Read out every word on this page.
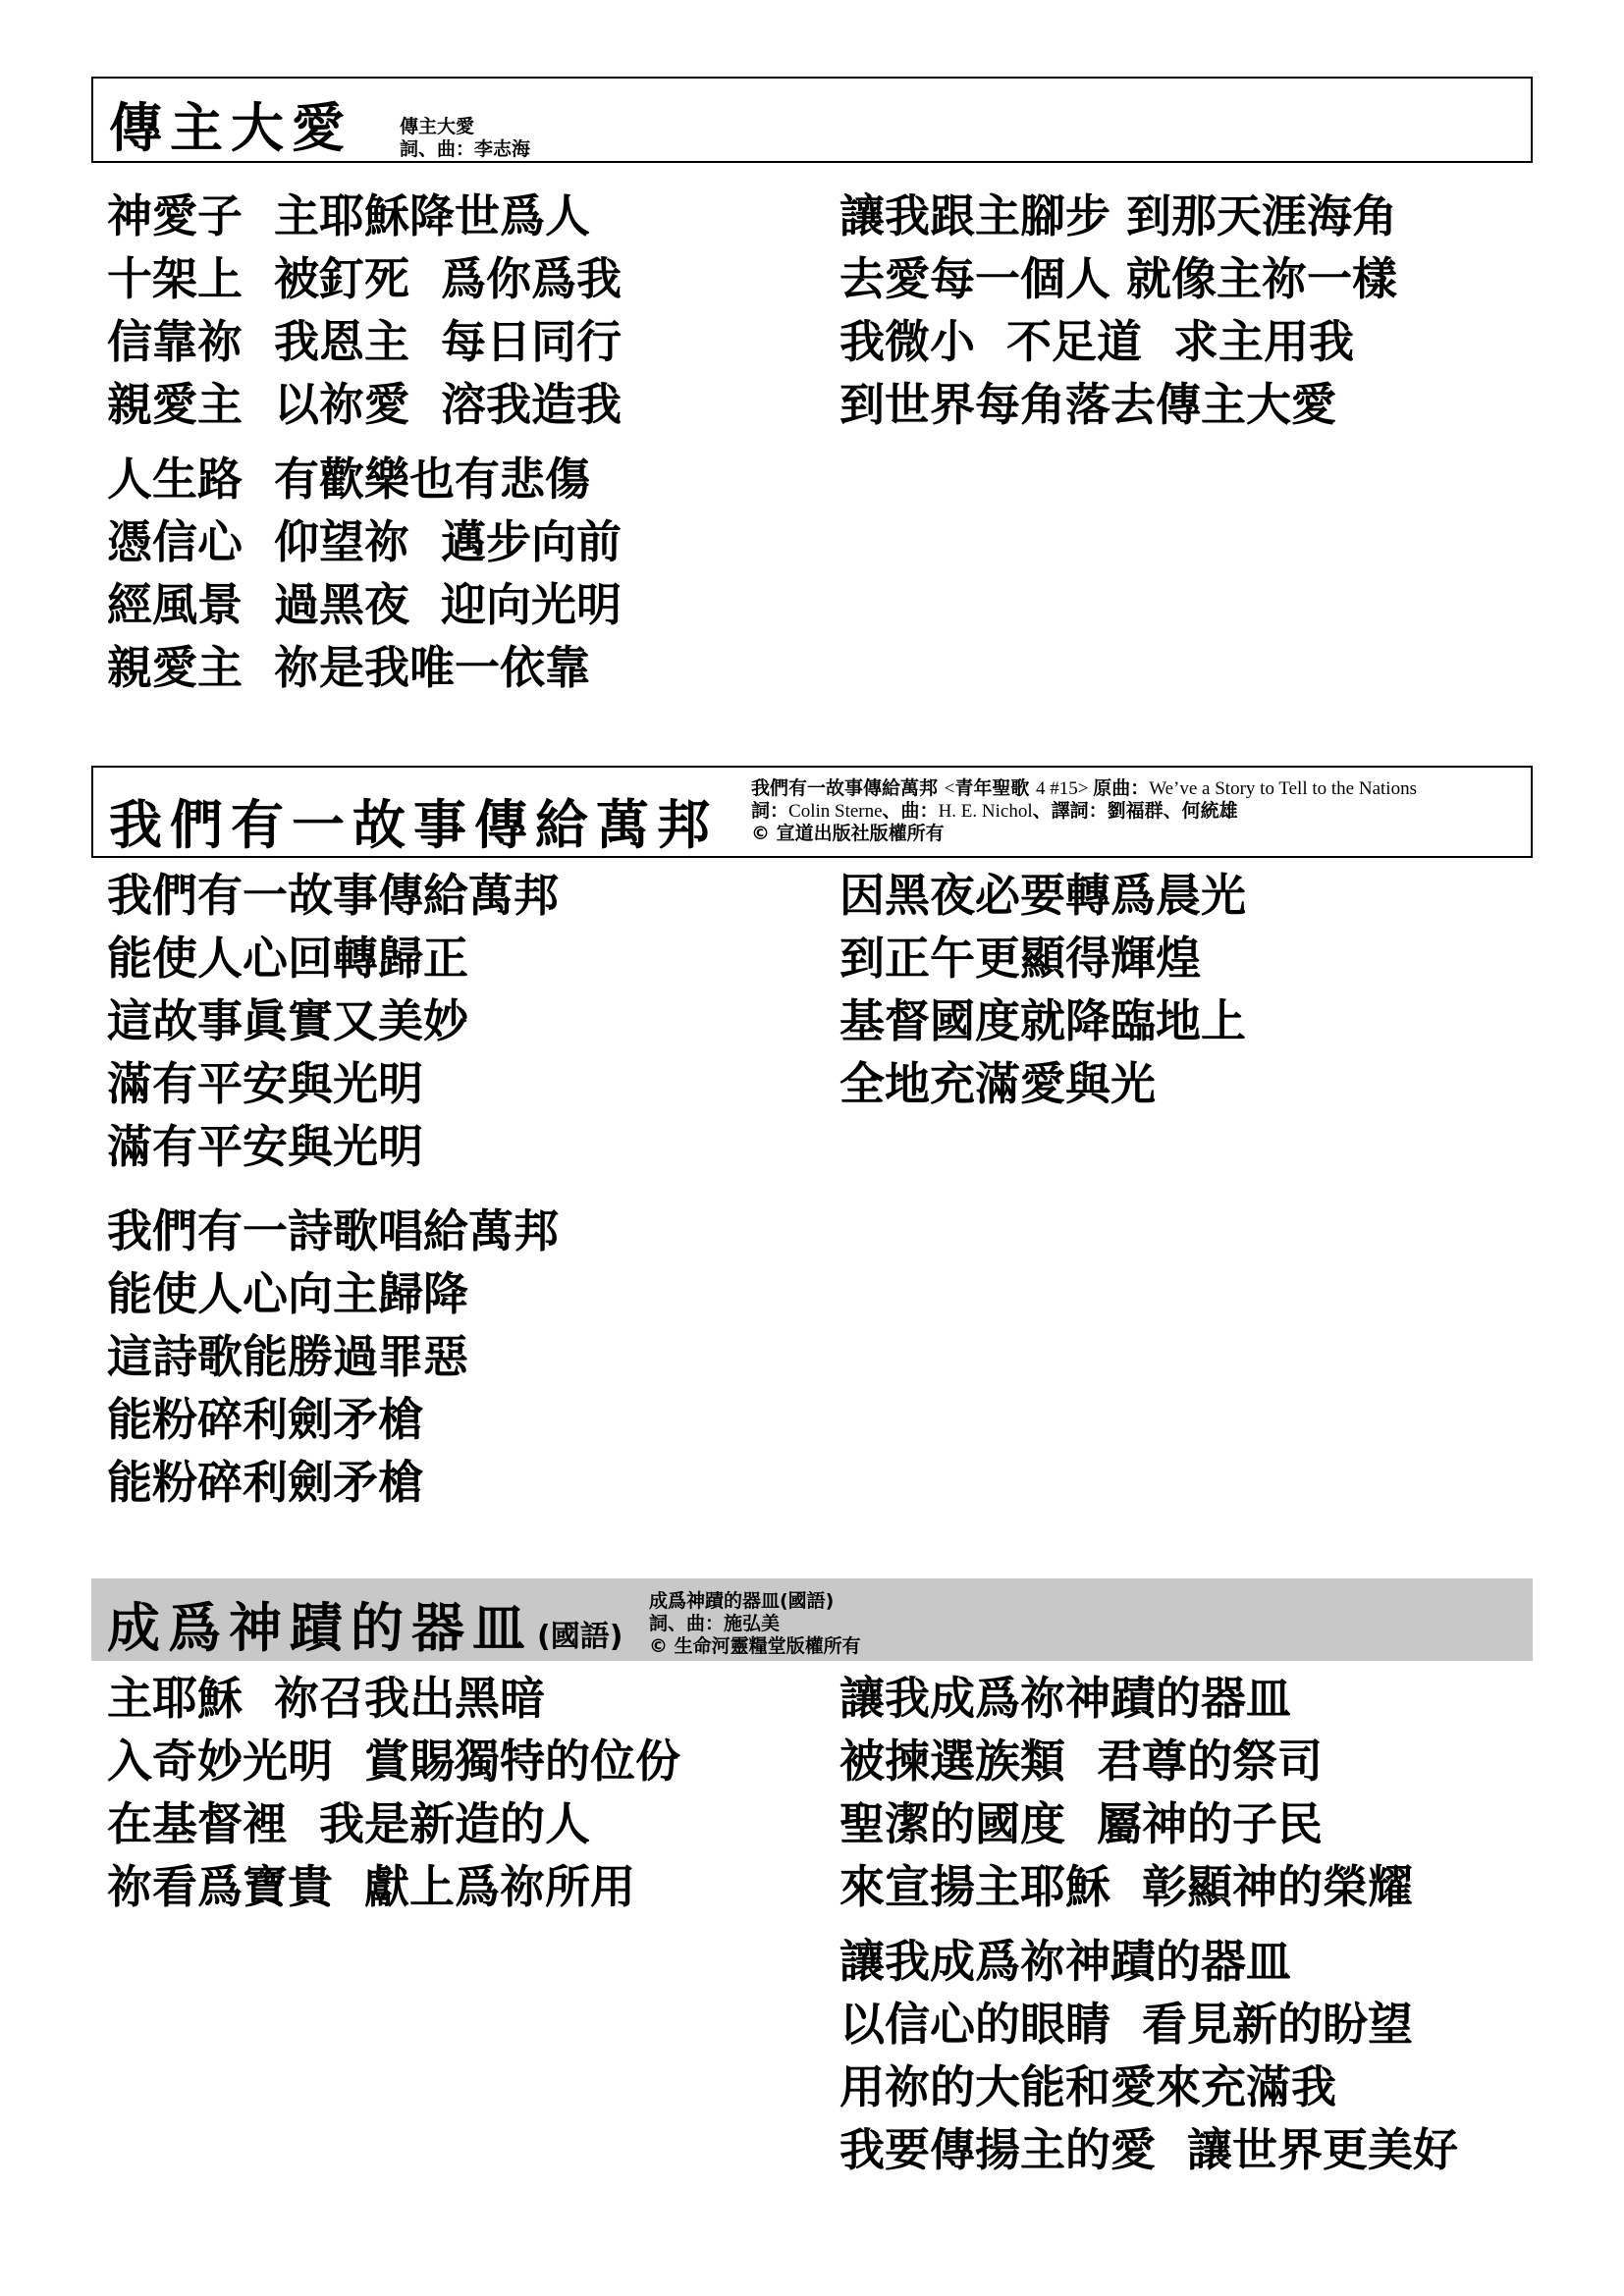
傳主大愛	傳主大愛
詞、曲：李志海
神愛子  主耶穌降世爲人
十架上  被釘死  爲你爲我
信靠祢  我恩主  每日同行
親愛主  以祢愛  溶我造我
人生路  有歡樂也有悲傷
憑信心  仰望祢  邁步向前
經風景  過黑夜  迎向光明
親愛主  祢是我唯一依靠
讓我跟主腳步 到那天涯海角
去愛每一個人 就像主祢一樣
我微小  不足道  求主用我
到世界每角落去傳主大愛
我們有一故事傳給萬邦
我們有一故事傳給萬邦 <青年聖歌 4 #15> 原曲：We’ve a Story to Tell to the Nations
詞：Colin Sterne、曲：H. E. Nichol、譯詞：劉福群、何統雄
© 宣道出版社版權所有
我們有一故事傳給萬邦
能使人心回轉歸正
這故事眞實又美妙
滿有平安與光明
滿有平安與光明
我們有一詩歌唱給萬邦
能使人心向主歸降
這詩歌能勝過罪惡
能粉碎利劍矛槍
能粉碎利劍矛槍
因黑夜必要轉爲晨光
到正午更顯得輝煌
基督國度就降臨地上
全地充滿愛與光
成爲神蹟的器皿 (國語)
成爲神蹟的器皿(國語)
詞、曲：施弘美
© 生命河靈糧堂版權所有
主耶穌  祢召我出黑暗
入奇妙光明  賞賜獨特的位份
在基督裡  我是新造的人
祢看爲寶貴  獻上爲祢所用
讓我成爲祢神蹟的器皿
被揀選族類  君尊的祭司
聖潔的國度  屬神的子民
來宣揚主耶穌  彰顯神的榮耀
讓我成爲祢神蹟的器皿
以信心的眼睛  看見新的盼望
用祢的大能和愛來充滿我
我要傳揚主的愛  讓世界更美好
